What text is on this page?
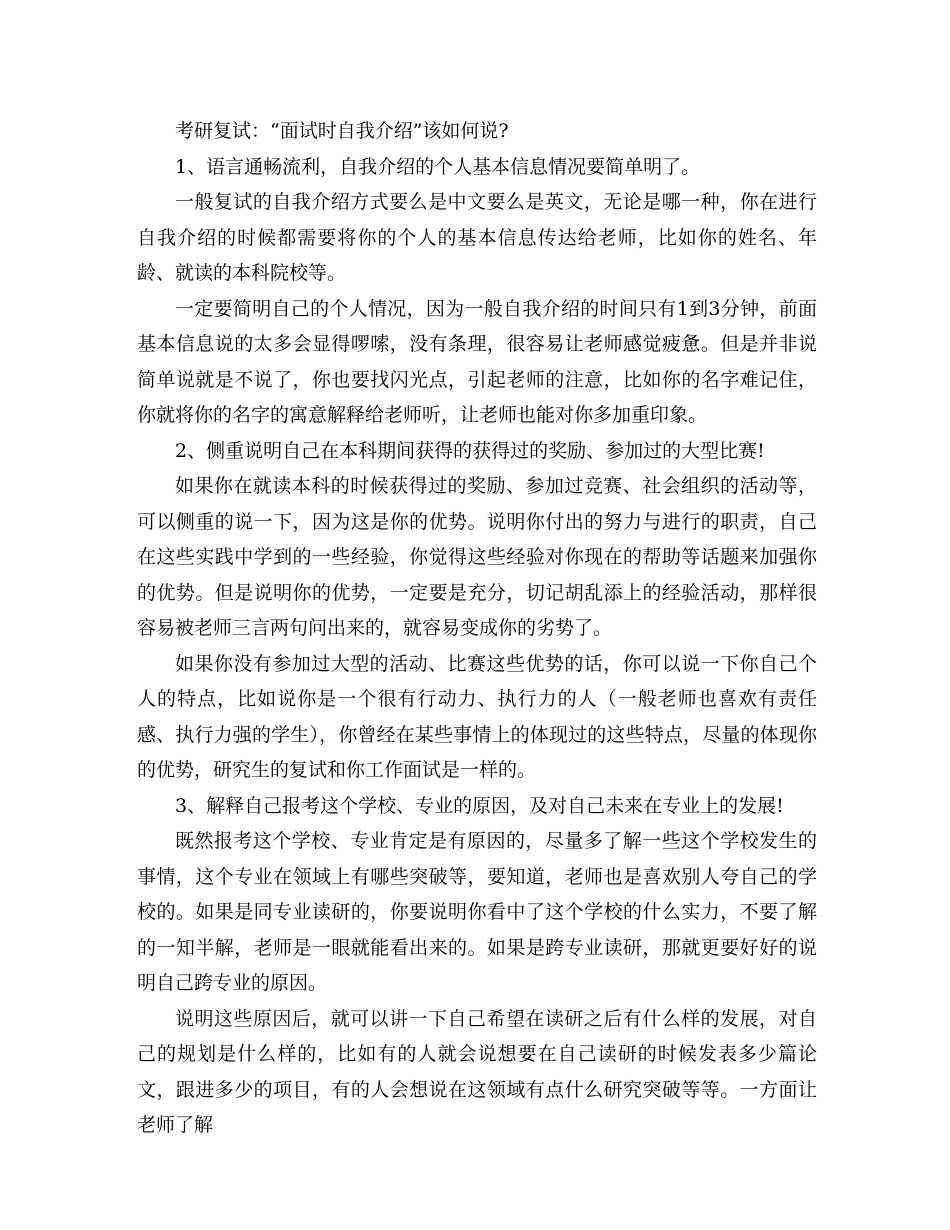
考研复试：“面试时自我介绍”该如何说?

1、语言通畅流利，自我介绍的个人基本信息情况要简单明了。

一般复试的自我介绍方式要么是中文要么是英文，无论是哪一种，你在进行自我介绍的时候都需要将你的个人的基本信息传达给老师，比如你的姓名、年龄、就读的本科院校等。

一定要简明自己的个人情况，因为一般自我介绍的时间只有1到3分钟，前面基本信息说的太多会显得啰嗦，没有条理，很容易让老师感觉疲惫。但是并非说简单说就是不说了，你也要找闪光点，引起老师的注意，比如你的名字难记住，你就将你的名字的寓意解释给老师听，让老师也能对你多加重印象。

2、侧重说明自己在本科期间获得的获得过的奖励、参加过的大型比赛!

如果你在就读本科的时候获得过的奖励、参加过竞赛、社会组织的活动等，可以侧重的说一下，因为这是你的优势。说明你付出的努力与进行的职责，自己在这些实践中学到的一些经验，你觉得这些经验对你现在的帮助等话题来加强你的优势。但是说明你的优势，一定要是充分，切记胡乱添上的经验活动，那样很容易被老师三言两句问出来的，就容易变成你的劣势了。

如果你没有参加过大型的活动、比赛这些优势的话，你可以说一下你自己个人的特点，比如说你是一个很有行动力、执行力的人（一般老师也喜欢有责任感、执行力强的学生），你曾经在某些事情上的体现过的这些特点，尽量的体现你的优势，研究生的复试和你工作面试是一样的。

3、解释自己报考这个学校、专业的原因，及对自己未来在专业上的发展!

既然报考这个学校、专业肯定是有原因的，尽量多了解一些这个学校发生的事情，这个专业在领域上有哪些突破等，要知道，老师也是喜欢别人夸自己的学校的。如果是同专业读研的，你要说明你看中了这个学校的什么实力，不要了解的一知半解，老师是一眼就能看出来的。如果是跨专业读研，那就更要好好的说明自己跨专业的原因。

说明这些原因后，就可以讲一下自己希望在读研之后有什么样的发展，对自己的规划是什么样的，比如有的人就会说想要在自己读研的时候发表多少篇论文，跟进多少的项目，有的人会想说在这领域有点什么研究突破等等。一方面让老师了解
